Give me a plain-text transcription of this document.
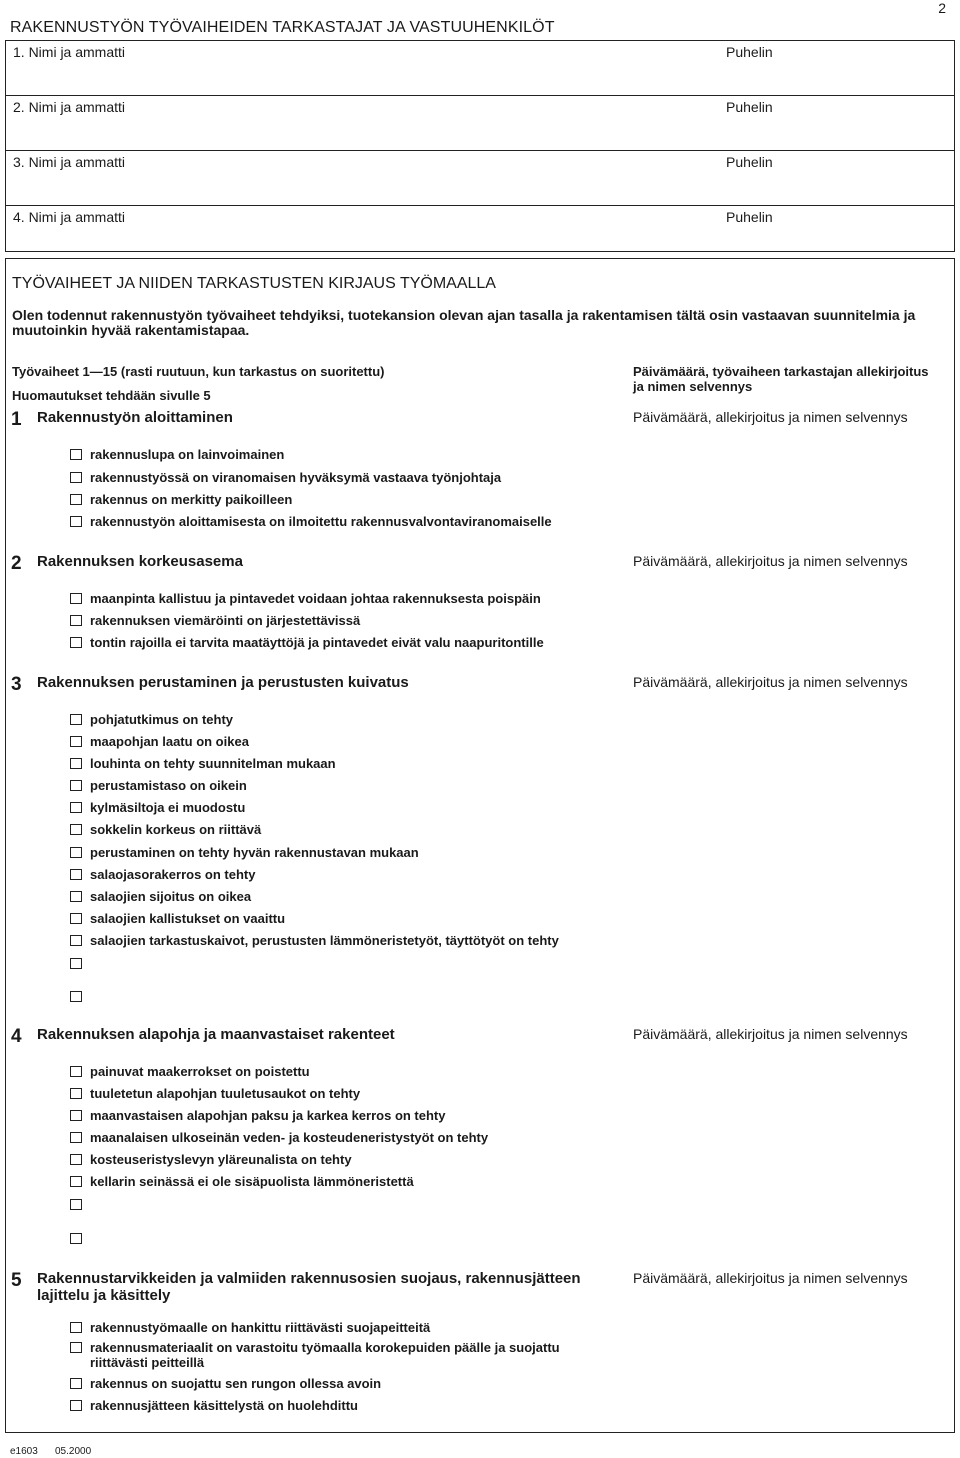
2
RAKENNUSTYÖN TYÖVAIHEIDEN TARKASTAJAT JA VASTUUHENKILÖT
1. Nimi ja ammatti	Puhelin
2. Nimi ja ammatti	Puhelin
3. Nimi ja ammatti	Puhelin
4. Nimi ja ammatti	Puhelin
TYÖVAIHEET JA NIIDEN TARKASTUSTEN KIRJAUS TYÖMAALLA
Olen todennut rakennustyön työvaiheet tehdyiksi, tuotekansion olevan ajan tasalla ja rakentamisen tältä osin vastaavan suunnitelmia ja muutoinkin hyvää rakentamistapaa.
Työvaiheet 1—15 (rasti ruutuun, kun tarkastus on suoritettu)
Huomautukset tehdään sivulle 5
Päivämäärä, työvaiheen tarkastajan allekirjoitus ja nimen selvennys
1 Rakennustyön aloittaminen	Päivämäärä, allekirjoitus ja nimen selvennys
rakennuslupa on lainvoimainen
rakennustyössä on viranomaisen hyväksymä vastaava työnjohtaja
rakennus on merkitty paikoilleen
rakennustyön aloittamisesta on ilmoitettu rakennusvalvontaviranomaiselle
2 Rakennuksen korkeusasema	Päivämäärä, allekirjoitus ja nimen selvennys
maanpinta kallistuu ja pintavedet voidaan johtaa rakennuksesta poispäin
rakennuksen viemäröinti on järjestettävissä
tontin rajoilla ei tarvita maatäyttöjä ja pintavedet eivät valu naapuritontille
3 Rakennuksen perustaminen ja perustusten kuivatus	Päivämäärä, allekirjoitus ja nimen selvennys
pohjatutkimus on tehty
maapohjan laatu on oikea
louhinta on tehty suunnitelman mukaan
perustamistaso on oikein
kylmäsiltoja ei muodostu
sokkelin korkeus on riittävä
perustaminen on tehty hyvän rakennustavan mukaan
salaojasorakerros on tehty
salaojien sijoitus on oikea
salaojien kallistukset on vaaittu
salaojien tarkastuskaivot, perustusten lämmöneristetyöt, täyttötyöt on tehty
4 Rakennuksen alapohja ja maanvastaiset rakenteet	Päivämäärä, allekirjoitus ja nimen selvennys
painuvat maakerrokset on poistettu
tuuletetun alapohjan tuuletusaukot on tehty
maanvastaisen alapohjan paksu ja karkea kerros on tehty
maanalaisen ulkoseinän veden- ja kosteudeneristystyöt on tehty
kosteuseristyslevyn yläreunalista on tehty
kellarin seinässä ei ole sisäpuolista lämmöneristettä
5 Rakennustarvikkeiden ja valmiiden rakennusosien suojaus, rakennusjätteen lajittelu ja käsittely
Päivämäärä, allekirjoitus ja nimen selvennys
rakennustyömaalle on hankittu riittävästi suojapeitteitä
rakennusmateriaalit on varastoitu työmaalla korokepuiden päälle ja suojattu riittävästi peitteillä
rakennus on suojattu sen rungon ollessa avoin
rakennusjätteen käsittelystä on huolehdittu
e1603 05.2000
